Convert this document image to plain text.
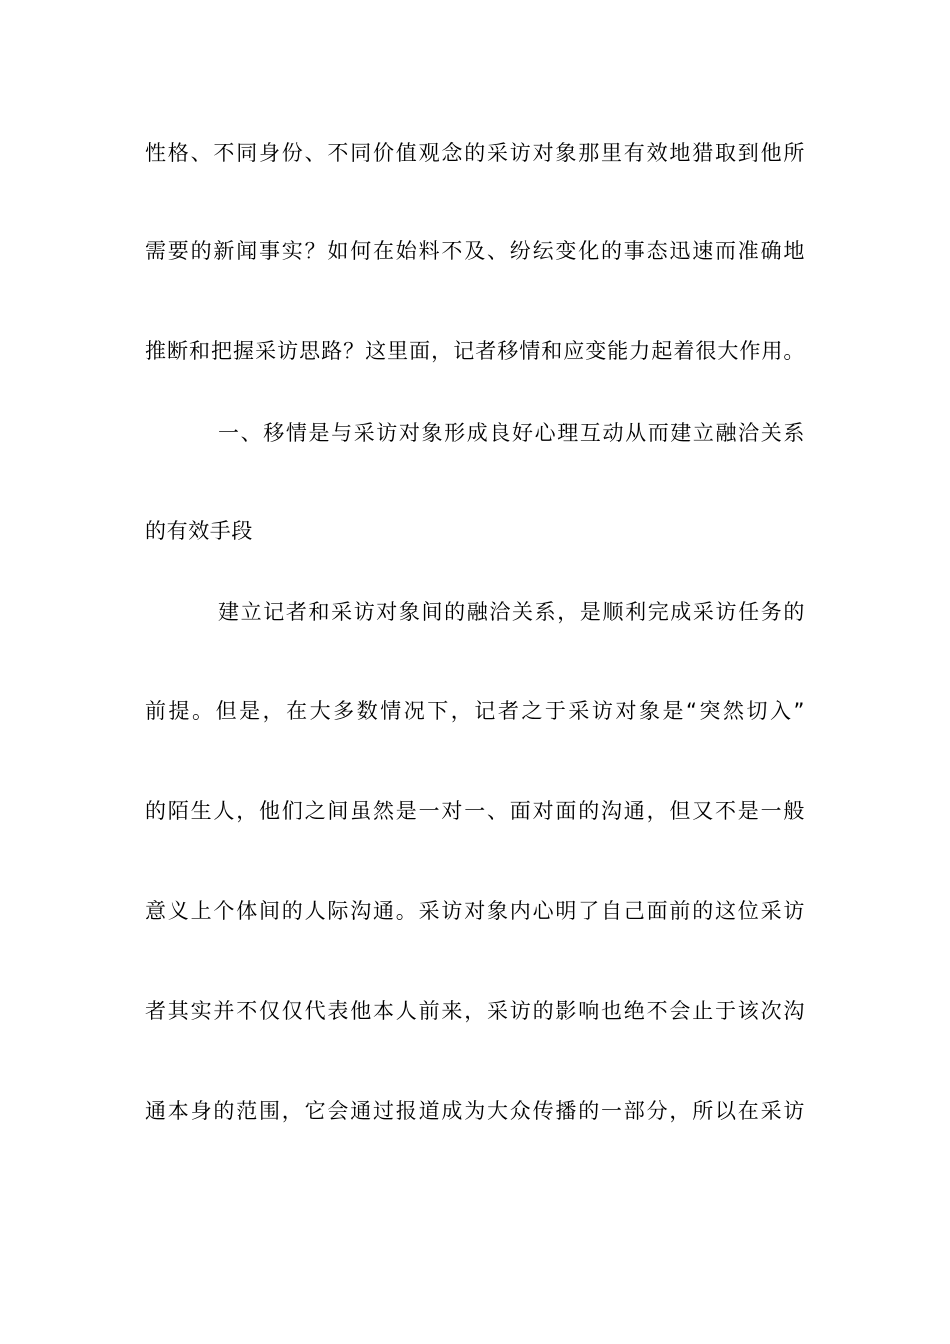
性格、不同身份、不同价值观念的采访对象那里有效地猎取到他所
需要的新闻事实？如何在始料不及、纷纭变化的事态迅速而准确地
推断和把握采访思路？这里面，记者移情和应变能力起着很大作用。
一、移情是与采访对象形成良好心理互动从而建立融洽关系
的有效手段
建立记者和采访对象间的融洽关系，是顺利完成采访任务的
前提。但是，在大多数情况下，记者之于采访对象是“突然切入”
的陌生人，他们之间虽然是一对一、面对面的沟通，但又不是一般
意义上个体间的人际沟通。采访对象内心明了自己面前的这位采访
者其实并不仅仅代表他本人前来，采访的影响也绝不会止于该次沟
通本身的范围，它会通过报道成为大众传播的一部分，所以在采访
